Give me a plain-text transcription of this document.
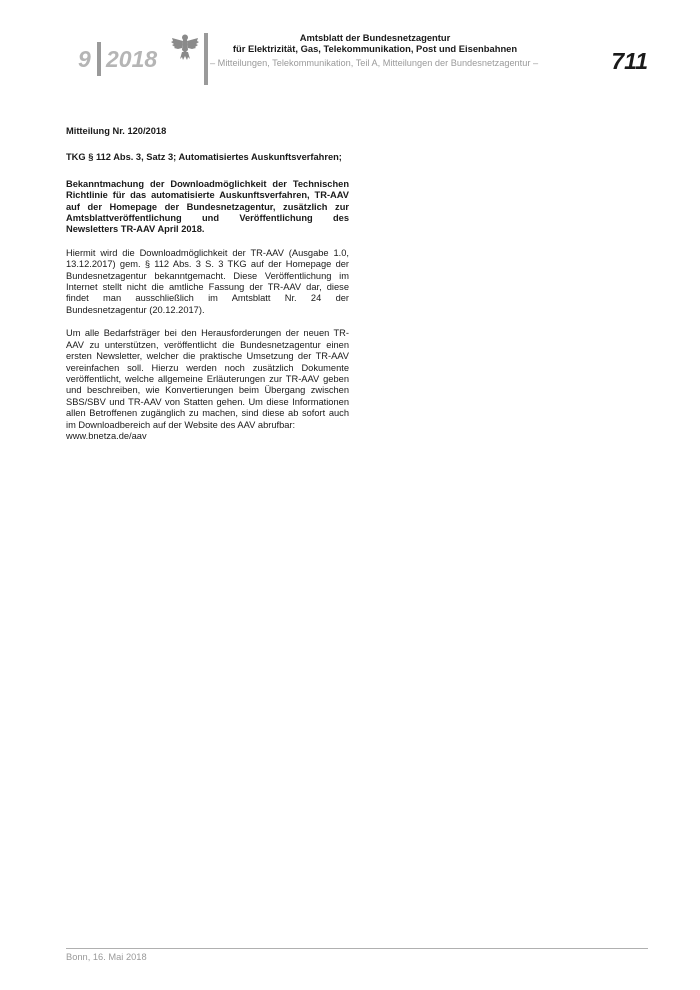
9 2018
Amtsblatt der Bundesnetzagentur
für Elektrizität, Gas, Telekommunikation, Post und Eisenbahnen
– Mitteilungen, Telekommunikation, Teil A, Mitteilungen der Bundesnetzagentur –	711

Mitteilung Nr. 120/2018

TKG § 112 Abs. 3, Satz 3; Automatisiertes Auskunftsverfahren;

Bekanntmachung der Downloadmöglichkeit der Technischen Richtlinie für das automatisierte Auskunftsverfahren, TR-AAV auf der Homepage der Bundesnetzagentur, zusätzlich zur Amtsblattveröffentlichung und Veröffentlichung des Newsletters TR-AAV April 2018.

Hiermit wird die Downloadmöglichkeit der TR-AAV (Ausgabe 1.0, 13.12.2017) gem. § 112 Abs. 3 S. 3 TKG auf der Homepage der Bundesnetzagentur bekanntgemacht. Diese Veröffentlichung im Internet stellt nicht die amtliche Fassung der TR-AAV dar, diese findet man ausschließlich im Amtsblatt Nr. 24 der Bundesnetzagentur (20.12.2017).

Um alle Bedarfsträger bei den Herausforderungen der neuen TR-AAV zu unterstützen, veröffentlicht die Bundesnetzagentur einen ersten Newsletter, welcher die praktische Umsetzung der TR-AAV vereinfachen soll. Hierzu werden noch zusätzlich Dokumente veröffentlicht, welche allgemeine Erläuterungen zur TR-AAV geben und beschreiben, wie Konvertierungen beim Übergang zwischen SBS/SBV und TR-AAV von Statten gehen. Um diese Informationen allen Betroffenen zugänglich zu machen, sind diese ab sofort auch im Downloadbereich auf der Website des AAV abrufbar:

www.bnetza.de/aav

Bonn, 16. Mai 2018
